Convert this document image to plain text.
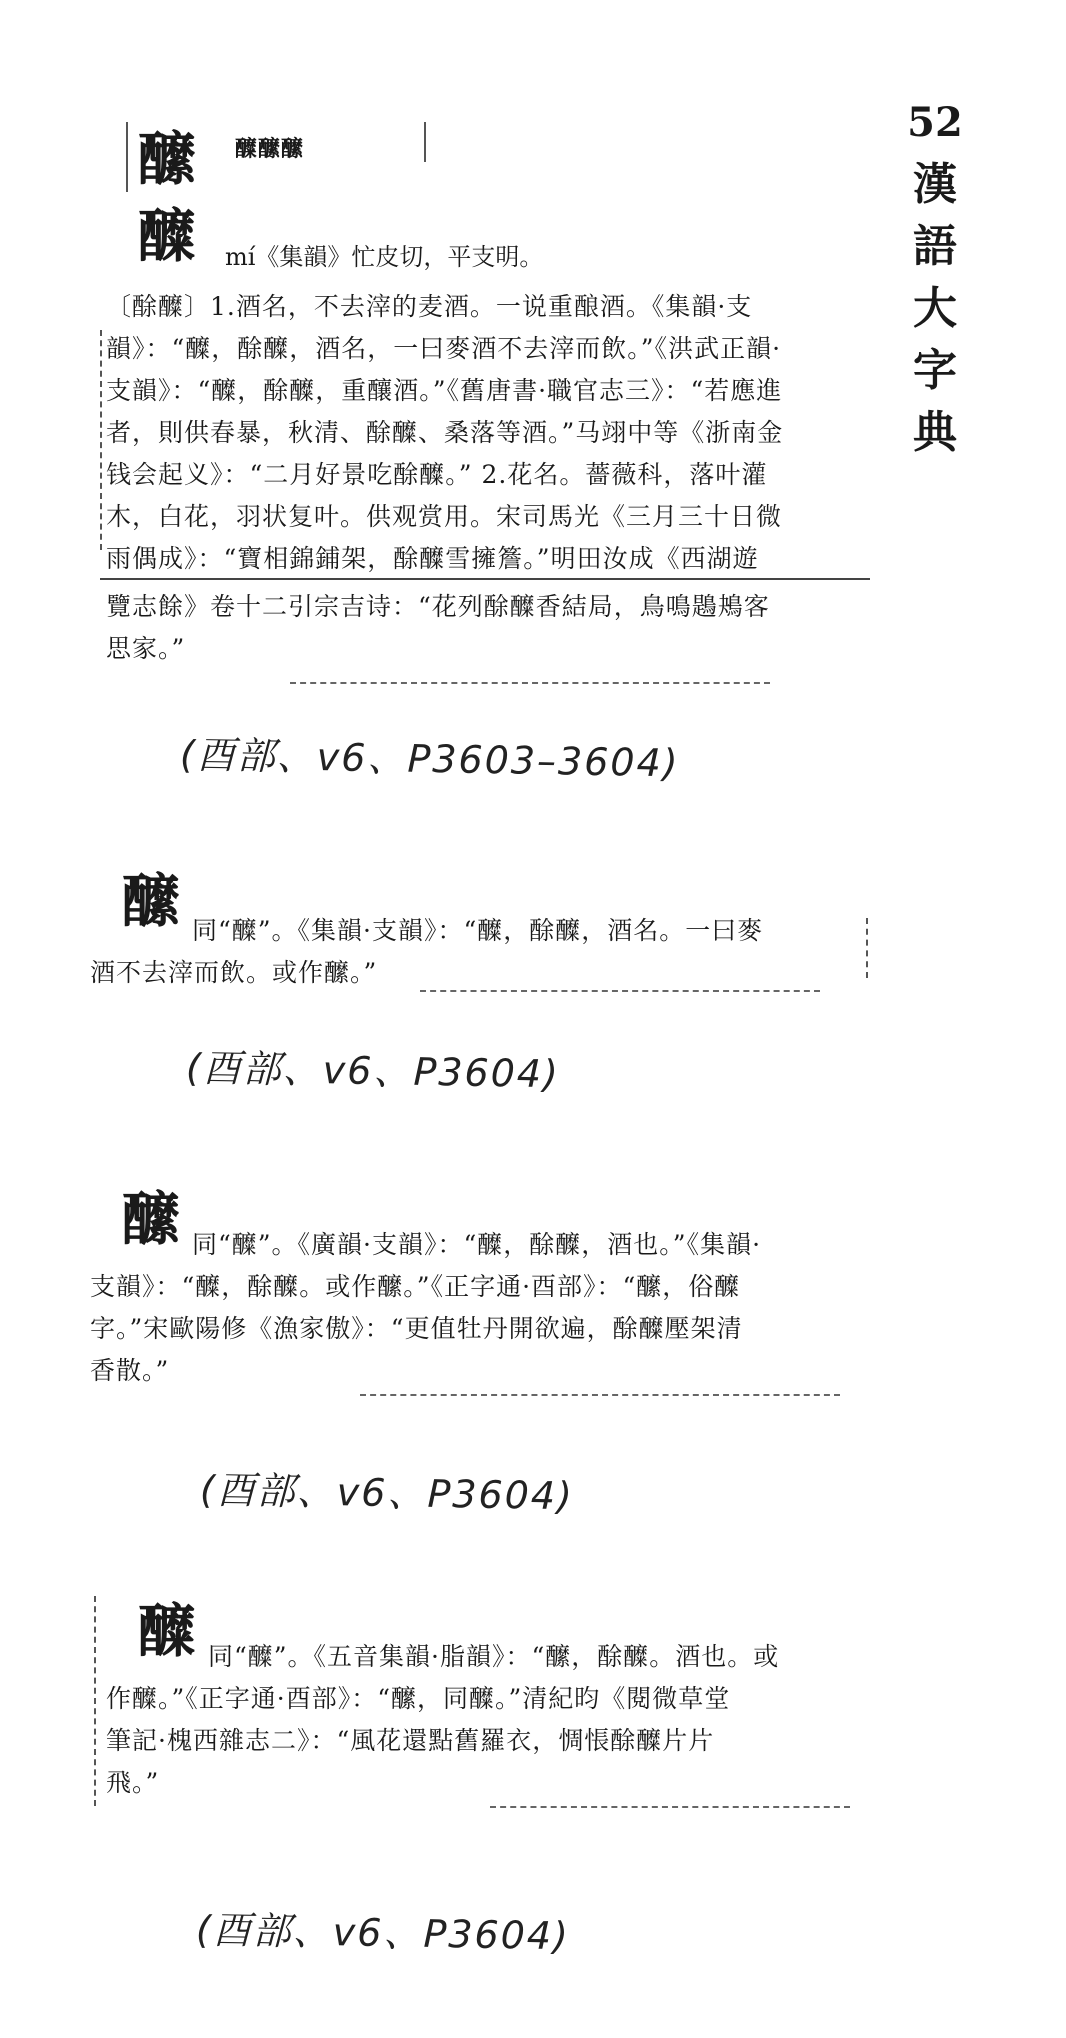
52
漢
語
大
字
典
醿 醾醿醿
醾 mí《集韻》忙皮切，平支明。
〔酴醾〕1.酒名，不去滓的麦酒。一说重酿酒。《集韻·支
韻》：“醾，酴醾，酒名，一曰麥酒不去滓而飲。”《洪武正韻·
支韻》：“醾，酴醾，重釀酒。”《舊唐書·職官志三》：“若應進
者，則供春暴，秋清、酴醾、桑落等酒。”马翊中等《浙南金
钱会起义》：“二月好景吃酴醾。” 2.花名。薔薇科，落叶灌
木，白花，羽状复叶。供观赏用。宋司馬光《三月三十日微
雨偶成》：“寶相錦鋪架，酴醾雪擁簷。”明田汝成《西湖遊
覽志餘》卷十二引宗吉诗：“花列酴醾香結局，鳥鳴鶗鴂客
思家。”
(酉部、v6、P3603–3604)
醿 同“醾”。《集韻·支韻》：“醾，酴醾，酒名。一曰麥
酒不去滓而飲。或作醿。”
(酉部、v6、P3604)
醿 同“醾”。《廣韻·支韻》：“醾，酴醾，酒也。”《集韻·
支韻》：“醾，酴醾。或作醿。”《正字通·酉部》：“醿，俗醾
字。”宋歐陽修《漁家傲》：“更值牡丹開欲遍，酴醾壓架清
香散。”
(酉部、v6、P3604)
醾 同“醾”。《五音集韻·脂韻》：“醿，酴醾。酒也。或
作醾。”《正字通·酉部》：“醿，同醾。”清紀昀《閱微草堂
筆記·槐西雜志二》：“風花還點舊羅衣，惆悵酴醾片片
飛。”
(酉部、v6、P3604)
